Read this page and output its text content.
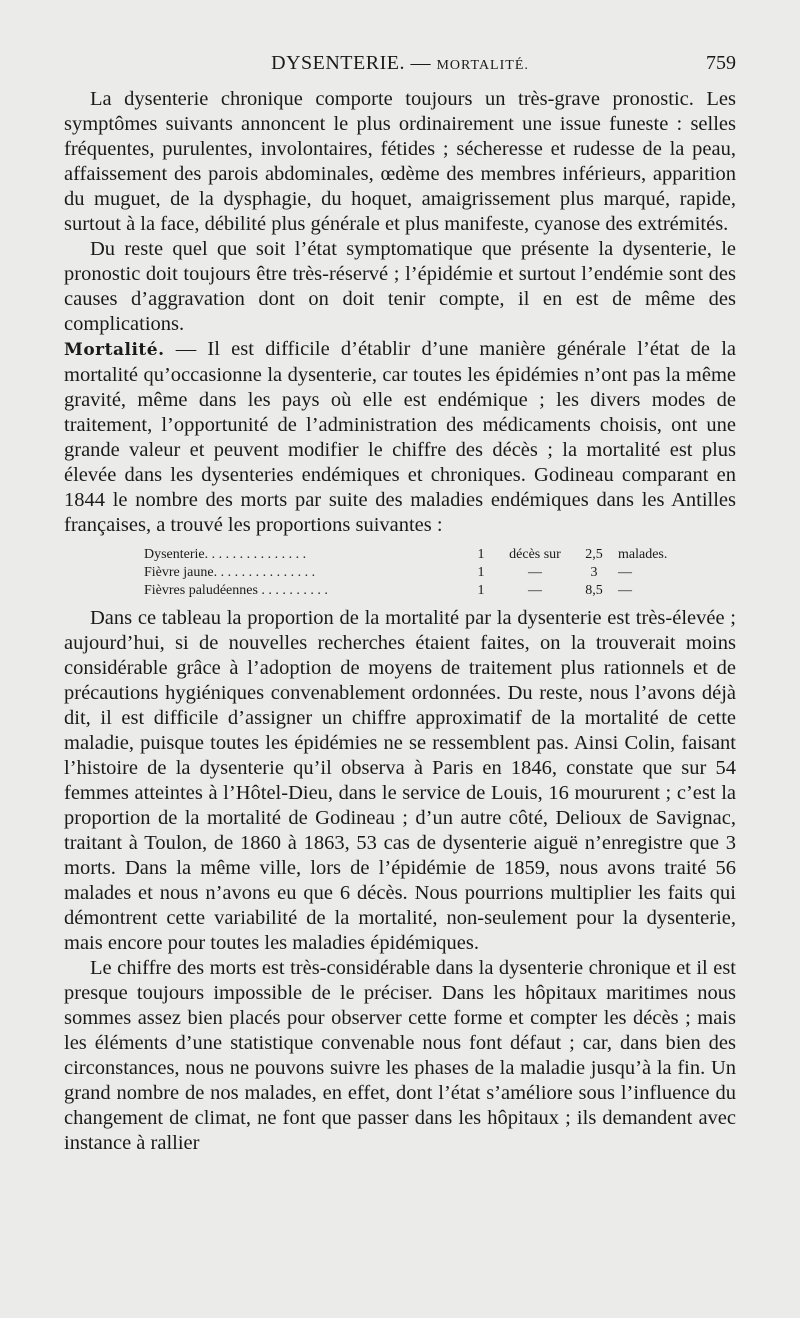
DYSENTERIE. — MORTALITÉ.	759

La dysenterie chronique comporte toujours un très-grave pronostic. Les symptômes suivants annoncent le plus ordinairement une issue funeste : selles fréquentes, purulentes, involontaires, fétides ; sécheresse et rudesse de la peau, affaissement des parois abdominales, œdème des membres inférieurs, apparition du muguet, de la dysphagie, du hoquet, amaigrissement plus marqué, rapide, surtout à la face, débilité plus générale et plus manifeste, cyanose des extrémités.

Du reste quel que soit l’état symptomatique que présente la dysenterie, le pronostic doit toujours être très-réservé ; l’épidémie et surtout l’endémie sont des causes d’aggravation dont on doit tenir compte, il en est de même des complications.

Mortalité. — Il est difficile d’établir d’une manière générale l’état de la mortalité qu’occasionne la dysenterie, car toutes les épidémies n’ont pas la même gravité, même dans les pays où elle est endémique ; les divers modes de traitement, l’opportunité de l’administration des médicaments choisis, ont une grande valeur et peuvent modifier le chiffre des décès ; la mortalité est plus élevée dans les dysenteries endémiques et chroniques. Godineau comparant en 1844 le nombre des morts par suite des maladies endémiques dans les Antilles françaises, a trouvé les proportions suivantes :

Dysenterie. . . . . . . . . . . . . . .	1	décès sur	2,5	malades.
Fièvre jaune. . . . . . . . . . . . . . .	1	—	3	—
Fièvres paludéennes . . . . . . . . . .	1	—	8,5	—

Dans ce tableau la proportion de la mortalité par la dysenterie est très-élevée ; aujourd’hui, si de nouvelles recherches étaient faites, on la trouverait moins considérable grâce à l’adoption de moyens de traitement plus rationnels et de précautions hygiéniques convenablement ordonnées. Du reste, nous l’avons déjà dit, il est difficile d’assigner un chiffre approximatif de la mortalité de cette maladie, puisque toutes les épidémies ne se ressemblent pas. Ainsi Colin, faisant l’histoire de la dysenterie qu’il observa à Paris en 1846, constate que sur 54 femmes atteintes à l’Hôtel-Dieu, dans le service de Louis, 16 moururent ; c’est la proportion de la mortalité de Godineau ; d’un autre côté, Delioux de Savignac, traitant à Toulon, de 1860 à 1863, 53 cas de dysenterie aiguë n’enregistre que 3 morts. Dans la même ville, lors de l’épidémie de 1859, nous avons traité 56 malades et nous n’avons eu que 6 décès. Nous pourrions multiplier les faits qui démontrent cette variabilité de la mortalité, non-seulement pour la dysenterie, mais encore pour toutes les maladies épidémiques.

Le chiffre des morts est très-considérable dans la dysenterie chronique et il est presque toujours impossible de le préciser. Dans les hôpitaux maritimes nous sommes assez bien placés pour observer cette forme et compter les décès ; mais les éléments d’une statistique convenable nous font défaut ; car, dans bien des circonstances, nous ne pouvons suivre les phases de la maladie jusqu’à la fin. Un grand nombre de nos malades, en effet, dont l’état s’améliore sous l’influence du changement de climat, ne font que passer dans les hôpitaux ; ils demandent avec instance à rallier
